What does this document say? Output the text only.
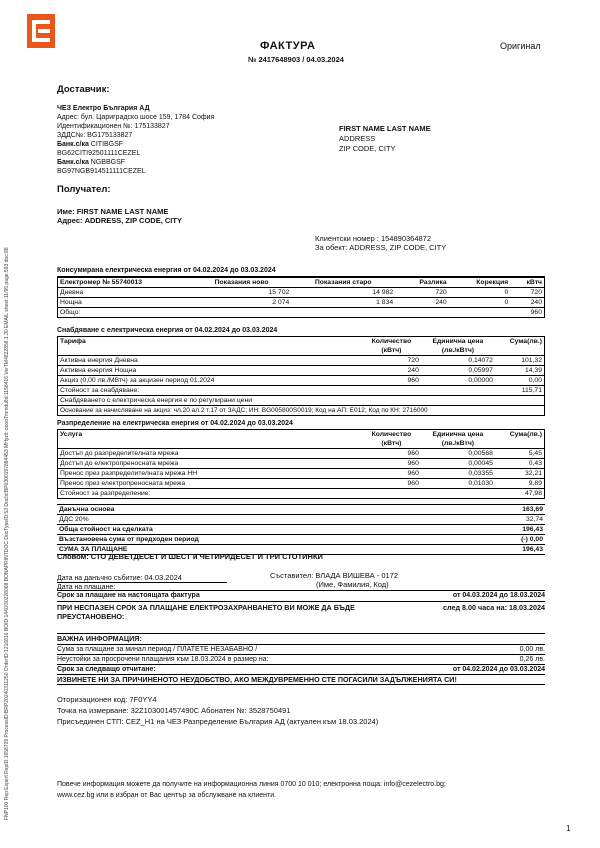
FNP100 Rep:Expert RepID:1658709 ProcessID:BRP20240311250 OrderID:1216816 BOID:1440/30228068 BONAPRINTDOC DocTypeID:53 DocId:BP0300197884453 MHyzil: ooooTmmdu8d:1158416 VerTM4822856.1.30 EMAIL sheet:11/95 page:593 doc:88
ФАКТУРА
№ 2417648903 / 04.03.2024
Оригинал
Доставчик:
ЧЕЗ Електро България АД
Адрес: бул. Цариградско шосе 159, 1784 София
Идентификационен №: 175133827
ЗДДС№: BG175133827
Банк.с/ка CITIBGSF
BG62CITI92501111CEZEL
Банк.с/ка NGBBGSF
BG97NGB914511111CEZEL
FIRST NAME LAST NAME
ADDRESS
ZIP CODE, CITY
Получател:
Име: FIRST NAME LAST NAME
Адрес: ADDRESS, ZIP CODE, CITY
Клиентски номер : 154890364872
За обект: ADDRESS, ZIP CODE, CITY
Консумирана електрическа енергия от 04.02.2024 до 03.03.2024
Електромер № 55740013	Показания ново	Показания старо	Разлика	Корекция	кВтч
Дневна	15 702	14 982	720	0	720
Нощна	2 074	1 834	240	0	240
Общо:					960
Снабдяване с електрическа енергия от 04.02.2024 до 03.03.2024
Тарифа	Количество	Единична цена	Сума(лв.)
	(кВтч)	(лв./кВтч)	
Активна енергия Дневна	720	0,14072	101,32
Активна енергия Нощна	240	0,05997	14,39
Акциз (0,00 лв./МВтч) за акцизен период 01.2024	960	0,00000	0,00
Стойност за снабдяване:			115,71
Снабдяването с електрическа енергия е по регулирани цени			
Основание за начисляване на акциз: чл.20 ал.2 т.17 от ЗАДС; ИН: BG005800S0019; Код на АП: E012; Код по КН: 2716000			
Разпределение на електрическа енергия от 04.02.2024 до 03.03.2024
Услуга	Количество	Единична цена	Сума(лв.)
	(кВтч)	(лв./кВтч)	
Достъп до разпределителната мрежа	960	0,00568	5,45
Достъп до електропреносната мрежа	960	0,00045	0,43
Пренос през разпределителната мрежа НН	960	0,03355	32,21
Пренос през електропреносната мрежа	960	0,01030	9,89
Стойност за разпределение:			47,98
Данъчна основа	163,69
ДДС 20%	32,74
Обща стойност на сделката	196,43
Възстановена сума от предходен период	(-) 0,00
СУМА ЗА ПЛАЩАНЕ	196,43
Словом: СТО ДЕВЕТДЕСЕТ И ШЕСТ и ЧЕТИРИДЕСЕТ И ТРИ СТОТИНКИ
Дата на данъчно събитие: 04.03.2024
Дата на плащане:
Съставител: ВЛАДА ВИШЕВА - 0172
(Име, Фамилия, Код)
Срок за плащане на настоящата фактура	от 04.03.2024 до 18.03.2024
ПРИ НЕСПАЗЕН СРОК ЗА ПЛАЩАНЕ ЕЛЕКТРОЗАХРАНВАНЕТО ВИ МОЖЕ ДА БЪДЕ
ПРЕУСТАНОВЕНО:
след 8.00 часа на: 18.03.2024
ВАЖНА ИНФОРМАЦИЯ:
Сума за плащане за минал период / ПЛАТЕТЕ НЕЗАБАВНО /	0,00 лв.
Неустойки за просрочени плащания към 18.03.2024 в размер на:	0,26 лв.
Срок за следващо отчитане:	от 04.02.2024 до 03.03.2024
ИЗВИНЕТЕ НИ ЗА ПРИЧИНЕНОТО НЕУДОБСТВО, АКО МЕЖДУВРЕМЕННО СТЕ ПОГАСИЛИ ЗАДЪЛЖЕНИЯТА СИ!
Оторизационен код: 7F0YY4
Точка на измерване: 32Z103001457490C Абонатен №: 3528750491
Присъединен СТП: CEZ_H1 на ЧЕЗ Разпределение България АД (актуален към 18.03.2024)
Повече информация можете да получите на информационна линия 0700 10 010; електронна поща: info@cezelectro.bg;
www.cez.bg или в избран от Вас център за обслужване на клиенти.
1
